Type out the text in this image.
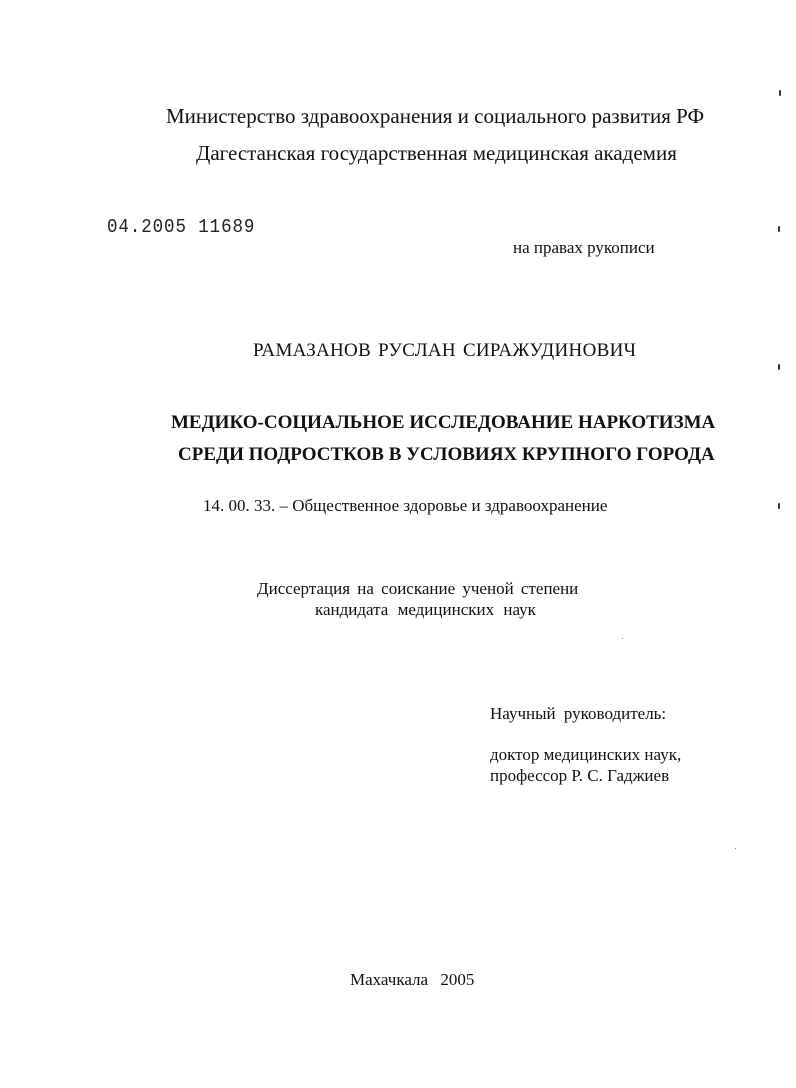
Министерство здравоохранения и социального развития РФ
Дагестанская государственная медицинская академия
04.2005 11689
на правах рукописи
РАМАЗАНОВ РУСЛАН СИРАЖУДИНОВИЧ
МЕДИКО-СОЦИАЛЬНОЕ ИССЛЕДОВАНИЕ НАРКОТИЗМА
СРЕДИ ПОДРОСТКОВ В УСЛОВИЯХ КРУПНОГО ГОРОДА
14. 00. 33. – Общественное здоровье и здравоохранение
Диссертация на соискание ученой степени
кандидата медицинских наук
Научный руководитель:
доктор медицинских наук,
профессор Р. С. Гаджиев
Махачкала 2005
